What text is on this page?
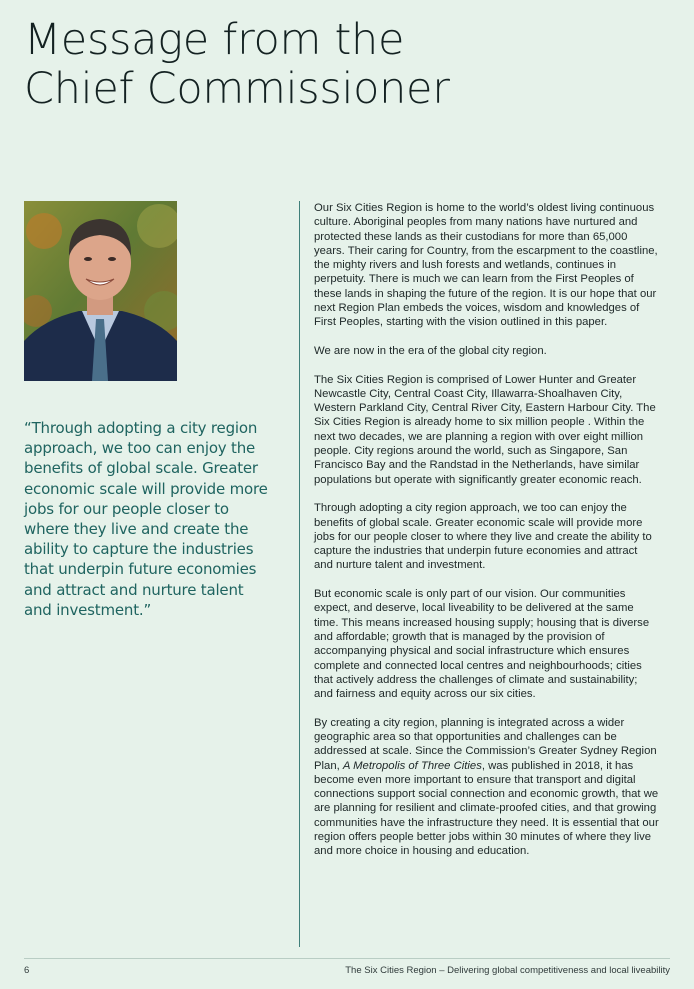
Message from the
Chief Commissioner

“Through adopting a city region approach, we too can enjoy the benefits of global scale. Greater economic scale will provide more jobs for our people closer to where they live and create the ability to capture the industries that underpin future economies and attract and nurture talent and investment.”

Our Six Cities Region is home to the world’s oldest living continuous culture. Aboriginal peoples from many nations have nurtured and protected these lands as their custodians for more than 65,000 years. Their caring for Country, from the escarpment to the coastline, the mighty rivers and lush forests and wetlands, continues in perpetuity. There is much we can learn from the First Peoples of these lands in shaping the future of the region. It is our hope that our next Region Plan embeds the voices, wisdom and knowledges of First Peoples, starting with the vision outlined in this paper.

We are now in the era of the global city region.

The Six Cities Region is comprised of Lower Hunter and Greater Newcastle City, Central Coast City, Illawarra-Shoalhaven City, Western Parkland City, Central River City, Eastern Harbour City. The Six Cities Region is already home to six million people . Within the next two decades, we are planning a region with over eight million people. City regions around the world, such as Singapore, San Francisco Bay and the Randstad in the Netherlands, have similar populations but operate with significantly greater economic reach.

Through adopting a city region approach, we too can enjoy the benefits of global scale. Greater economic scale will provide more jobs for our people closer to where they live and create the ability to capture the industries that underpin future economies and attract and nurture talent and investment.

But economic scale is only part of our vision. Our communities expect, and deserve, local liveability to be delivered at the same time. This means increased housing supply; housing that is diverse and affordable; growth that is managed by the provision of accompanying physical and social infrastructure which ensures complete and connected local centres and neighbourhoods; cities that actively address the challenges of climate and sustainability; and fairness and equity across our six cities.

By creating a city region, planning is integrated across a wider geographic area so that opportunities and challenges can be addressed at scale. Since the Commission’s Greater Sydney Region Plan, A Metropolis of Three Cities, was published in 2018, it has become even more important to ensure that transport and digital connections support social connection and economic growth, that we are planning for resilient and climate-proofed cities, and that growing communities have the infrastructure they need. It is essential that our region offers people better jobs within 30 minutes of where they live and more choice in housing and education.

6	The Six Cities Region – Delivering global competitiveness and local liveability
